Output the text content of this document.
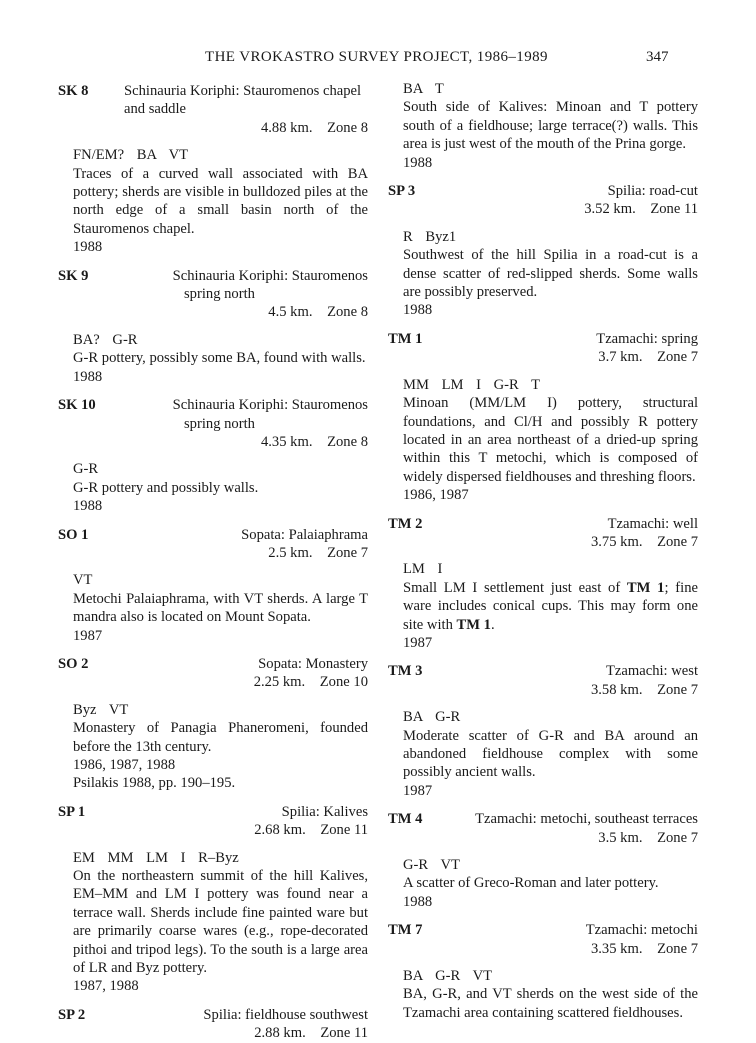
THE VROKASTRO SURVEY PROJECT, 1986–1989	347
SK 8 Schinauria Koriphi: Stauromenos chapel
and saddle
4.88 km. Zone 8
FN/EM? BA VT
Traces of a curved wall associated with BA pottery; sherds are visible in bulldozed piles at the north edge of a small basin north of the Stauromenos chapel.
1988
SK 9	Schinauria Koriphi: Stauromenos
spring north
4.5 km. Zone 8
BA? G-R
G-R pottery, possibly some BA, found with walls.
1988
SK 10	Schinauria Koriphi: Stauromenos
spring north
4.35 km. Zone 8
G-R
G-R pottery and possibly walls.
1988
SO 1	Sopata: Palaiaphrama
2.5 km. Zone 7
VT
Metochi Palaiaphrama, with VT sherds. A large T mandra also is located on Mount Sopata.
1987
SO 2	Sopata: Monastery
2.25 km. Zone 10
Byz VT
Monastery of Panagia Phaneromeni, founded before the 13th century.
1986, 1987, 1988
Psilakis 1988, pp. 190–195.
SP 1	Spilia: Kalives
2.68 km. Zone 11
EM MM LM I R–Byz
On the northeastern summit of the hill Kalives, EM–MM and LM I pottery was found near a terrace wall. Sherds include fine painted ware but are primarily coarse wares (e.g., rope-decorated pithoi and tripod legs). To the south is a large area of LR and Byz pottery.
1987, 1988
SP 2	Spilia: fieldhouse southwest
2.88 km. Zone 11
BA T
South side of Kalives: Minoan and T pottery south of a fieldhouse; large terrace(?) walls. This area is just west of the mouth of the Prina gorge.
1988
SP 3	Spilia: road-cut
3.52 km. Zone 11
R Byz1
Southwest of the hill Spilia in a road-cut is a dense scatter of red-slipped sherds. Some walls are possibly preserved.
1988
TM 1	Tzamachi: spring
3.7 km. Zone 7
MM LM I G-R T
Minoan (MM/LM I) pottery, structural foundations, and Cl/H and possibly R pottery located in an area northeast of a dried-up spring within this T metochi, which is composed of widely dispersed fieldhouses and threshing floors.
1986, 1987
TM 2	Tzamachi: well
3.75 km. Zone 7
LM I
Small LM I settlement just east of TM 1; fine ware includes conical cups. This may form one site with TM 1.
1987
TM 3	Tzamachi: west
3.58 km. Zone 7
BA G-R
Moderate scatter of G-R and BA around an abandoned fieldhouse complex with some possibly ancient walls.
1987
TM 4	Tzamachi: metochi, southeast terraces
3.5 km. Zone 7
G-R VT
A scatter of Greco-Roman and later pottery.
1988
TM 7	Tzamachi: metochi
3.35 km. Zone 7
BA G-R VT
BA, G-R, and VT sherds on the west side of the Tzamachi area containing scattered fieldhouses.
